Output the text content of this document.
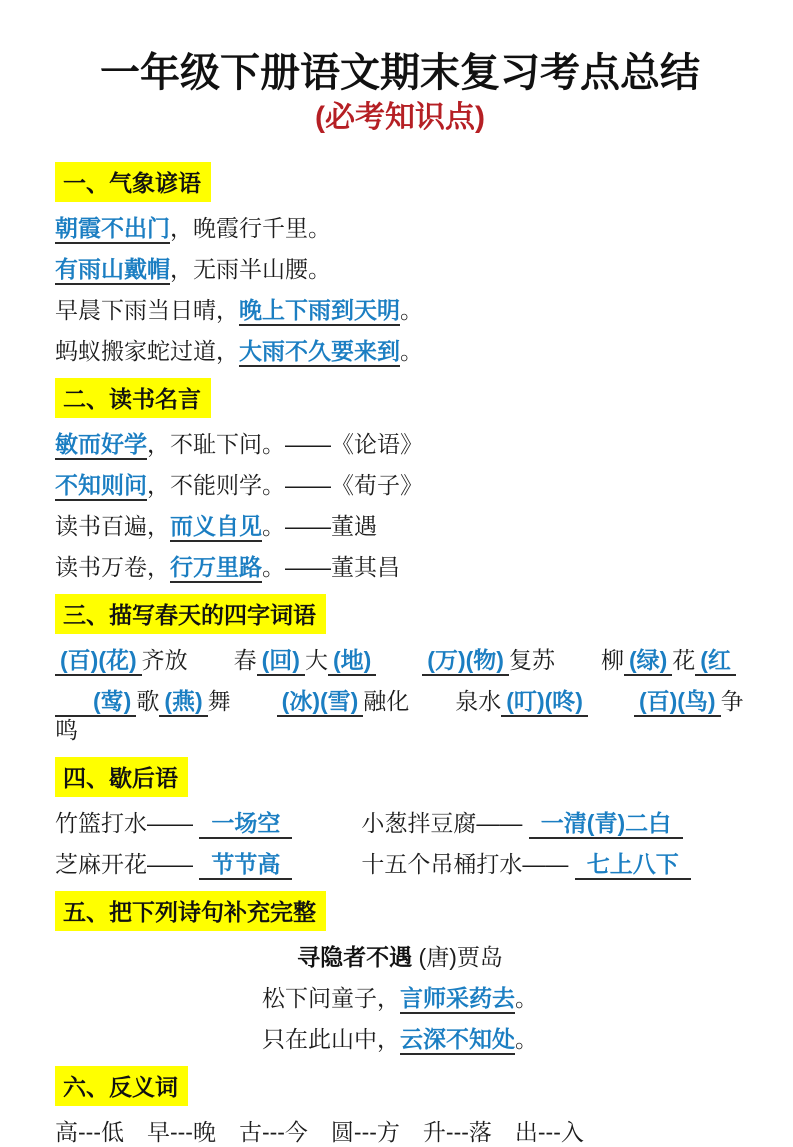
一年级下册语文期末复习考点总结
(必考知识点)
一、气象谚语

朝霞不出门，晚霞行千里。

有雨山戴帽，无雨半山腰。

早晨下雨当日晴，晚上下雨到天明。

蚂蚁搬家蛇过道，大雨不久要来到。

二、读书名言

敏而好学，不耻下问。——《论语》

不知则问，不能则学。——《荀子》

读书百遍，而义自见。——董遇

读书万卷，行万里路。——董其昌

三、描写春天的四字词语

(百)(花) 齐放　　春 (回) 大 (地)　　 (万)(物) 复苏　　柳 (绿) 花 (红

　(莺) 歌 (燕) 舞　　(冰)(雪) 融化　　泉水 (叮)(咚)　　 (百)(鸟) 争鸣

四、歇后语

竹篮打水—— 一场空　　　小葱拌豆腐—— 一清(青)二白

芝麻开花—— 节节高　　　十五个吊桶打水—— 七上八下

五、把下列诗句补充完整

寻隐者不遇 (唐)贾岛

松下问童子，言师采药去。

只在此山中，云深不知处。

六、反义词

高---低　早---晚　古---今　圆---方　升---落　出---入
